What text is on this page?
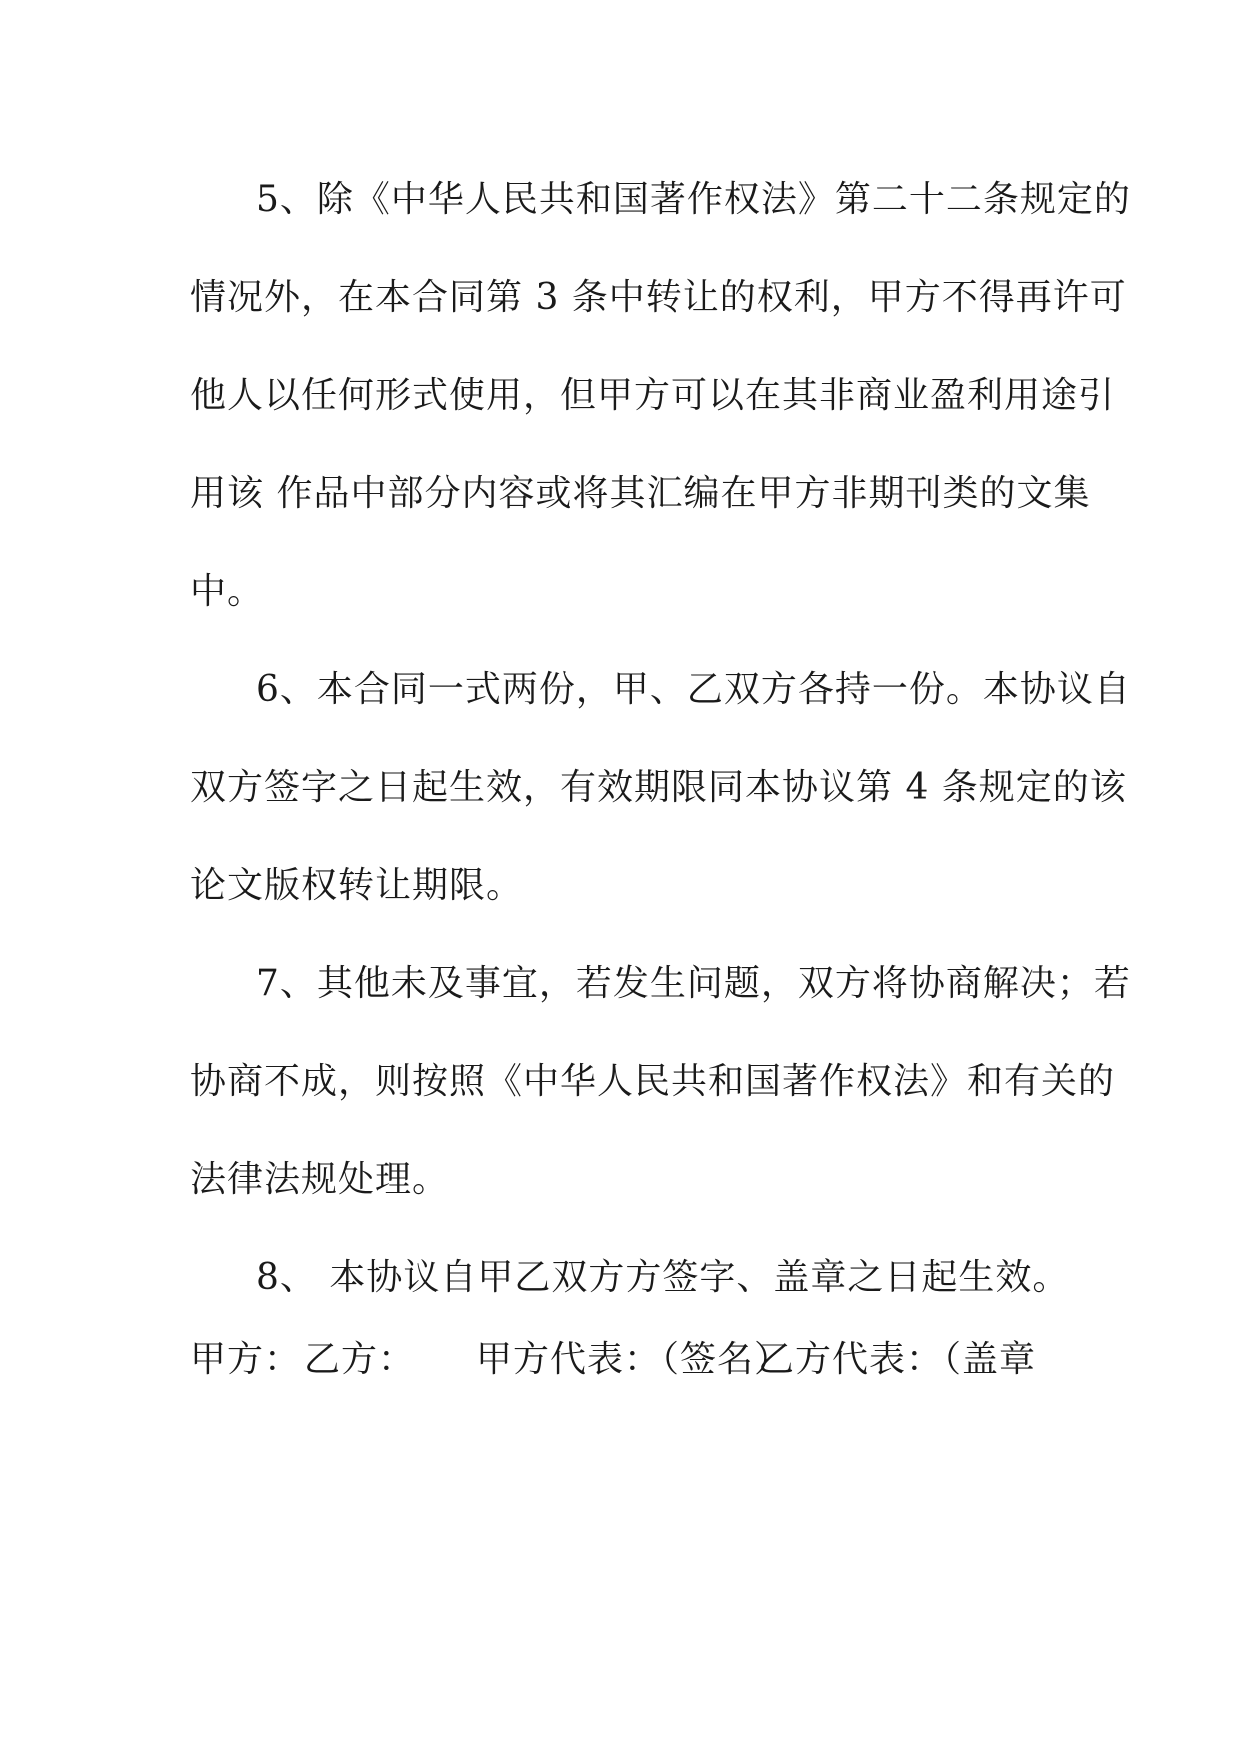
5、除《中华人民共和国著作权法》第二十二条规定的
情况外，在本合同第 3 条中转让的权利，甲方不得再许可
他人以任何形式使用，但甲方可以在其非商业盈利用途引
用该 作品中部分内容或将其汇编在甲方非期刊类的文集
中。
6、本合同一式两份，甲、乙双方各持一份。本协议自
双方签字之日起生效，有效期限同本协议第 4 条规定的该
论文版权转让期限。
7、其他未及事宜，若发生问题，双方将协商解决；若
协商不成，则按照《中华人民共和国著作权法》和有关的
法律法规处理。
8、 本协议自甲乙双方方签字、盖章之日起生效。
甲方： 乙方： 甲方代表：（签名）
乙方代表：（盖章
